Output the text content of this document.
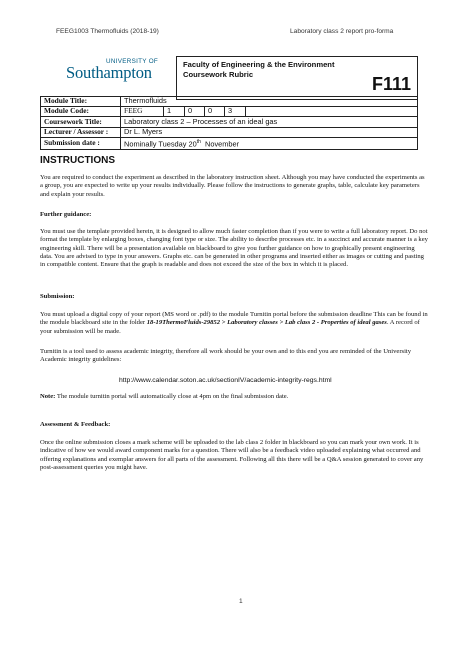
FEEG1003 Thermofluids (2018-19)	Laboratory class 2 report pro-forma
UNIVERSITY OF
Southampton	Faculty of Engineering & the Environment
Coursework Rubric	F111
Module Title:	Thermofluids					
Module Code:	FEEG	1	0	0	3	
Coursework Title:	Laboratory class 2 – Processes of an ideal gas					
Lecturer / Assessor :	Dr L. Myers					
Submission date :	Nominally Tuesday 20th  November					
INSTRUCTIONS

You are required to conduct the experiment as described in the laboratory instruction sheet. Although you may have conducted the experiments as a group, you are expected to write up your results individually. Please follow the instructions to generate graphs, table, calculate key parameters and explain your results.

Further guidance:

You must use the template provided herein, it is designed to allow much faster completion than if you were to write a full laboratory report. Do not format the template by enlarging boxes, changing font type or size. The ability to describe processes etc. in a succinct and accurate manner is a key engineering skill. There will be a presentation available on blackboard to give you further guidance on how to graphically present engineering data. You are advised to type in your answers. Graphs etc. can be generated in other programs and inserted either as images or cutting and pasting in compatible content. Ensure that the graph is readable and does not exceed the size of the box in which it is placed.

Submission:

You must upload a digital copy of your report (MS word or .pdf) to the module Turnitin portal before the submission deadline This can be found in the module blackboard site in the folder 18-19ThermoFluids-29852 > Laboratory classes > Lab class 2 - Properties of ideal gases. A record of your submission will be made.

Turnitin is a tool used to assess academic integrity, therefore all work should be your own and to this end you are reminded of the University Academic integrity guidelines:

http://www.calendar.soton.ac.uk/sectionIV/academic-integrity-regs.html

Note: The module turnitin portal will automatically close at 4pm on the final submission date.

Assessment & Feedback:

Once the online submission closes a mark scheme will be uploaded to the lab class 2 folder in blackboard so you can mark your own work. It is indicative of how we would award component marks for a question. There will also be a feedback video uploaded explaining what occurred and offering explanations and exemplar answers for all parts of the assessment. Following all this there will be a Q&A session generated to cover any post-assessment queries you might have.

1
